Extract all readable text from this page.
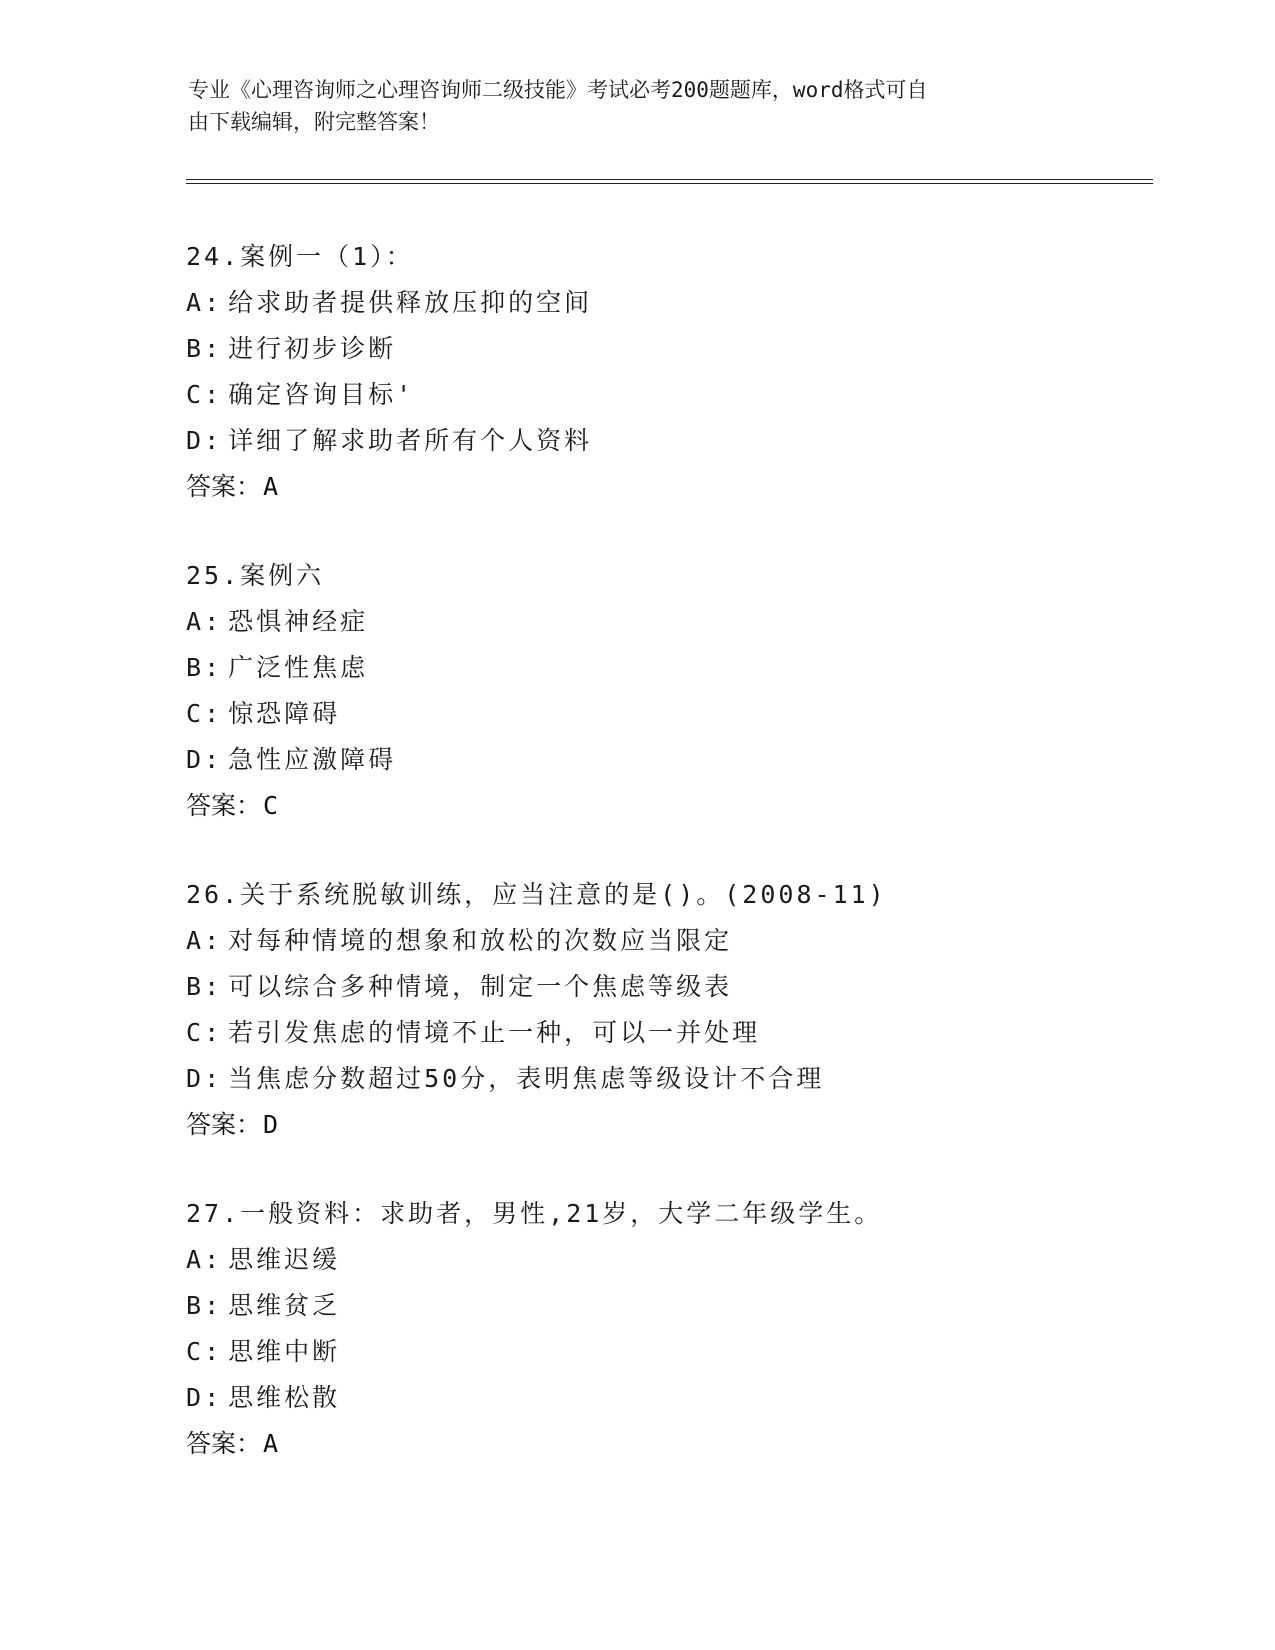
专业《心理咨询师之心理咨询师二级技能》考试必考200题题库，word格式可自
由下载编辑，附完整答案！
24.案例一（1）：
A: 给求助者提供释放压抑的空间
B: 进行初步诊断
C: 确定咨询目标'
D: 详细了解求助者所有个人资料
答案：A
25.案例六
A: 恐惧神经症
B: 广泛性焦虑
C: 惊恐障碍
D: 急性应激障碍
答案：C
26.关于系统脱敏训练，应当注意的是()。(2008-11)
A: 对每种情境的想象和放松的次数应当限定
B: 可以综合多种情境，制定一个焦虑等级表
C: 若引发焦虑的情境不止一种，可以一并处理
D: 当焦虑分数超过50分，表明焦虑等级设计不合理
答案：D
27.一般资料：求助者，男性,21岁，大学二年级学生。
A: 思维迟缓
B: 思维贫乏
C: 思维中断
D: 思维松散
答案：A
